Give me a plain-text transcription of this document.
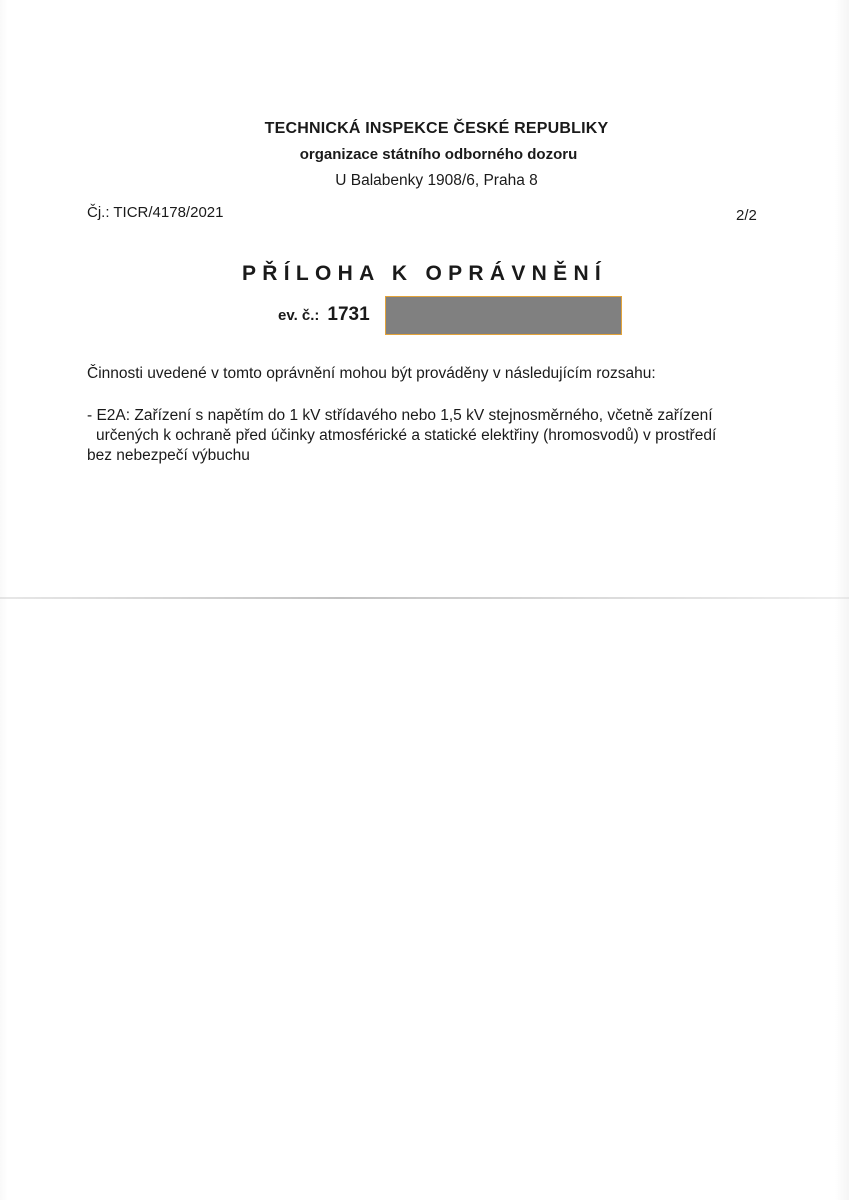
TECHNICKÁ INSPEKCE ČESKÉ REPUBLIKY
organizace státního odborného dozoru
U Balabenky 1908/6, Praha 8
Čj.: TICR/4178/2021	2/2
PŘÍLOHA K OPRÁVNĚNÍ
ev. č.: 1731
Činnosti uvedené v tomto oprávnění mohou být prováděny v následujícím rozsahu:
- E2A: Zařízení s napětím do 1 kV střídavého nebo 1,5 kV stejnosměrného, včetně zařízení
určených k ochraně před účinky atmosférické a statické elektřiny (hromosvodů) v prostředí
bez nebezpečí výbuchu
